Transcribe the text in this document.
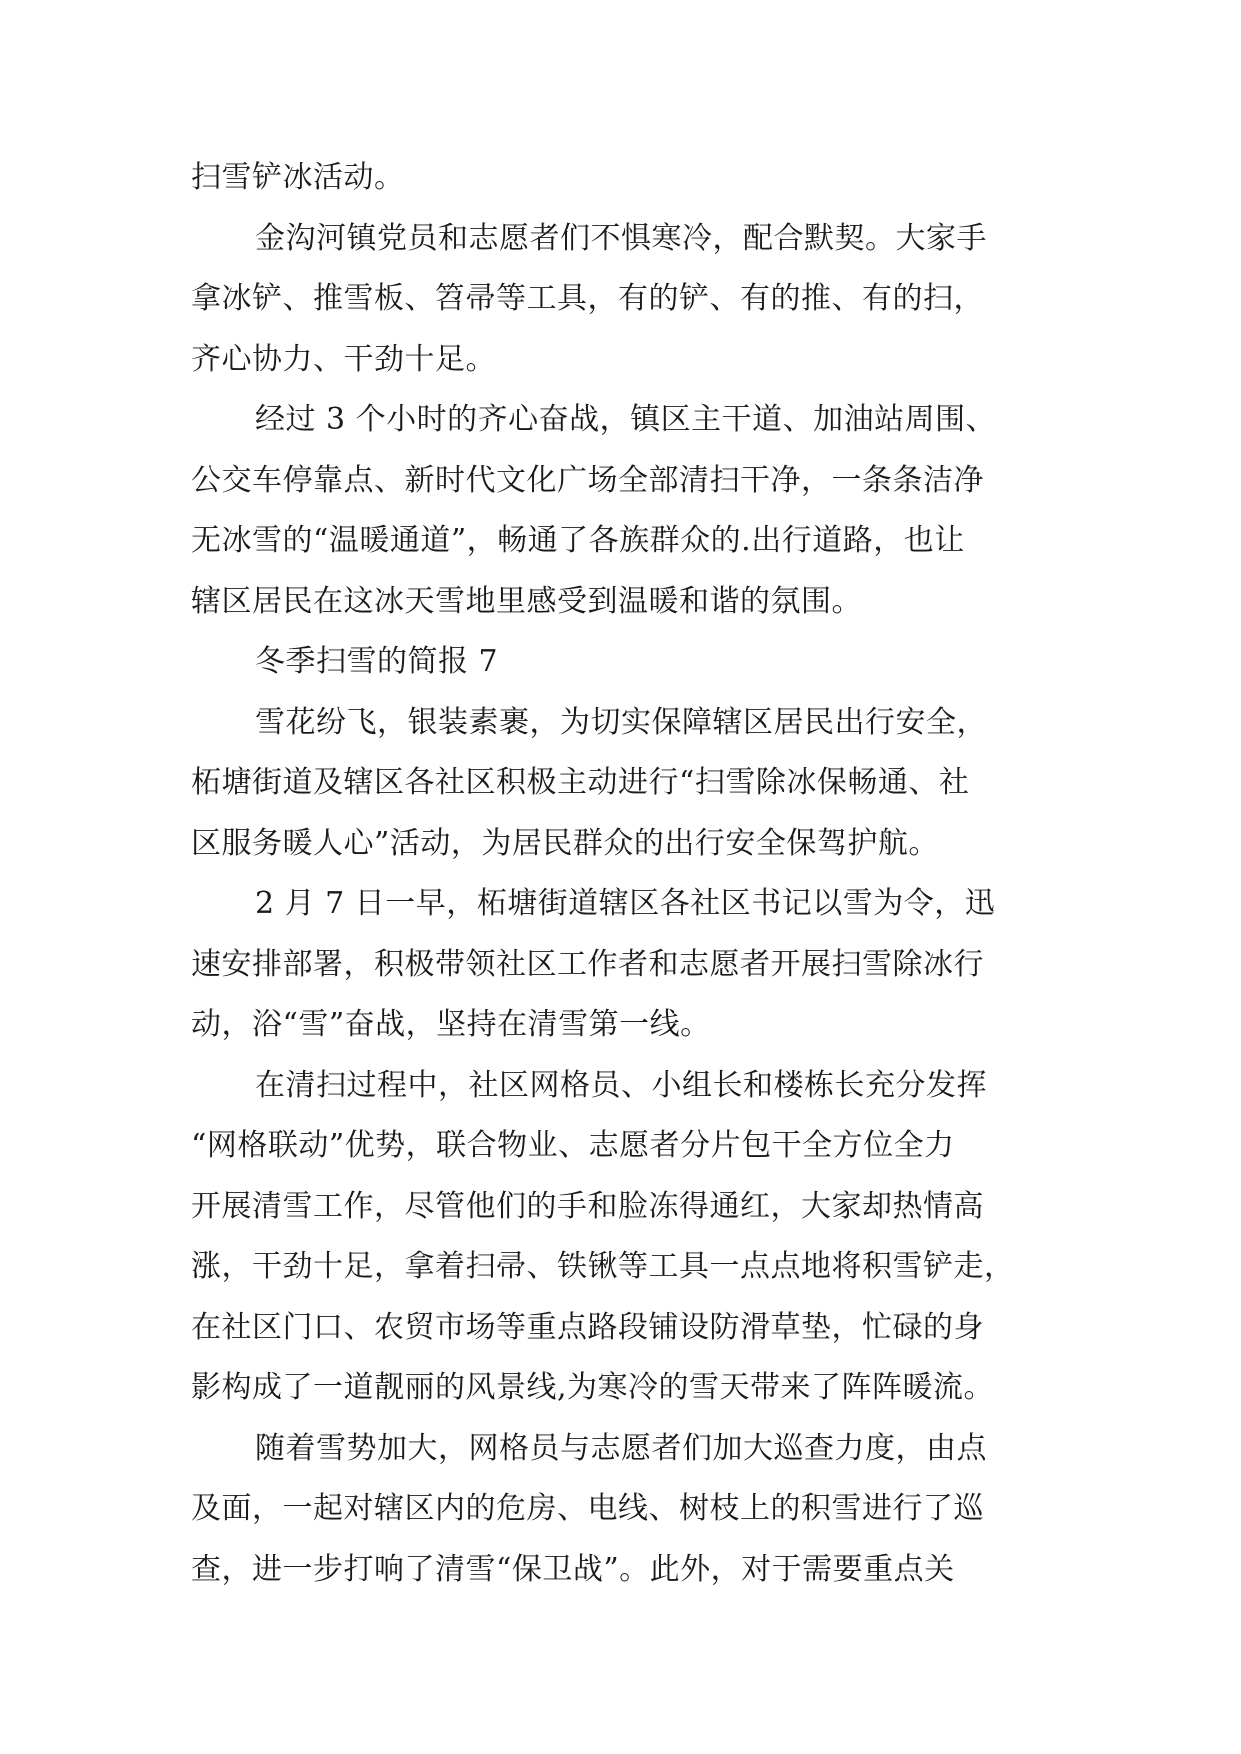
扫雪铲冰活动。
金沟河镇党员和志愿者们不惧寒冷，配合默契。大家手
拿冰铲、推雪板、笤帚等工具，有的铲、有的推、有的扫，
齐心协力、干劲十足。
经过 3 个小时的齐心奋战，镇区主干道、加油站周围、
公交车停靠点、新时代文化广场全部清扫干净，一条条洁净
无冰雪的“温暖通道”，畅通了各族群众的.出行道路，也让
辖区居民在这冰天雪地里感受到温暖和谐的氛围。
冬季扫雪的简报 7
雪花纷飞，银装素裹，为切实保障辖区居民出行安全，
柘塘街道及辖区各社区积极主动进行“扫雪除冰保畅通、社
区服务暖人心”活动，为居民群众的出行安全保驾护航。
2 月 7 日一早，柘塘街道辖区各社区书记以雪为令，迅
速安排部署，积极带领社区工作者和志愿者开展扫雪除冰行
动，浴“雪”奋战，坚持在清雪第一线。
在清扫过程中，社区网格员、小组长和楼栋长充分发挥
“网格联动”优势，联合物业、志愿者分片包干全方位全力
开展清雪工作，尽管他们的手和脸冻得通红，大家却热情高
涨，干劲十足，拿着扫帚、铁锹等工具一点点地将积雪铲走，
在社区门口、农贸市场等重点路段铺设防滑草垫，忙碌的身
影构成了一道靓丽的风景线,为寒冷的雪天带来了阵阵暖流。
随着雪势加大，网格员与志愿者们加大巡查力度，由点
及面，一起对辖区内的危房、电线、树枝上的积雪进行了巡
查，进一步打响了清雪“保卫战”。此外，对于需要重点关
